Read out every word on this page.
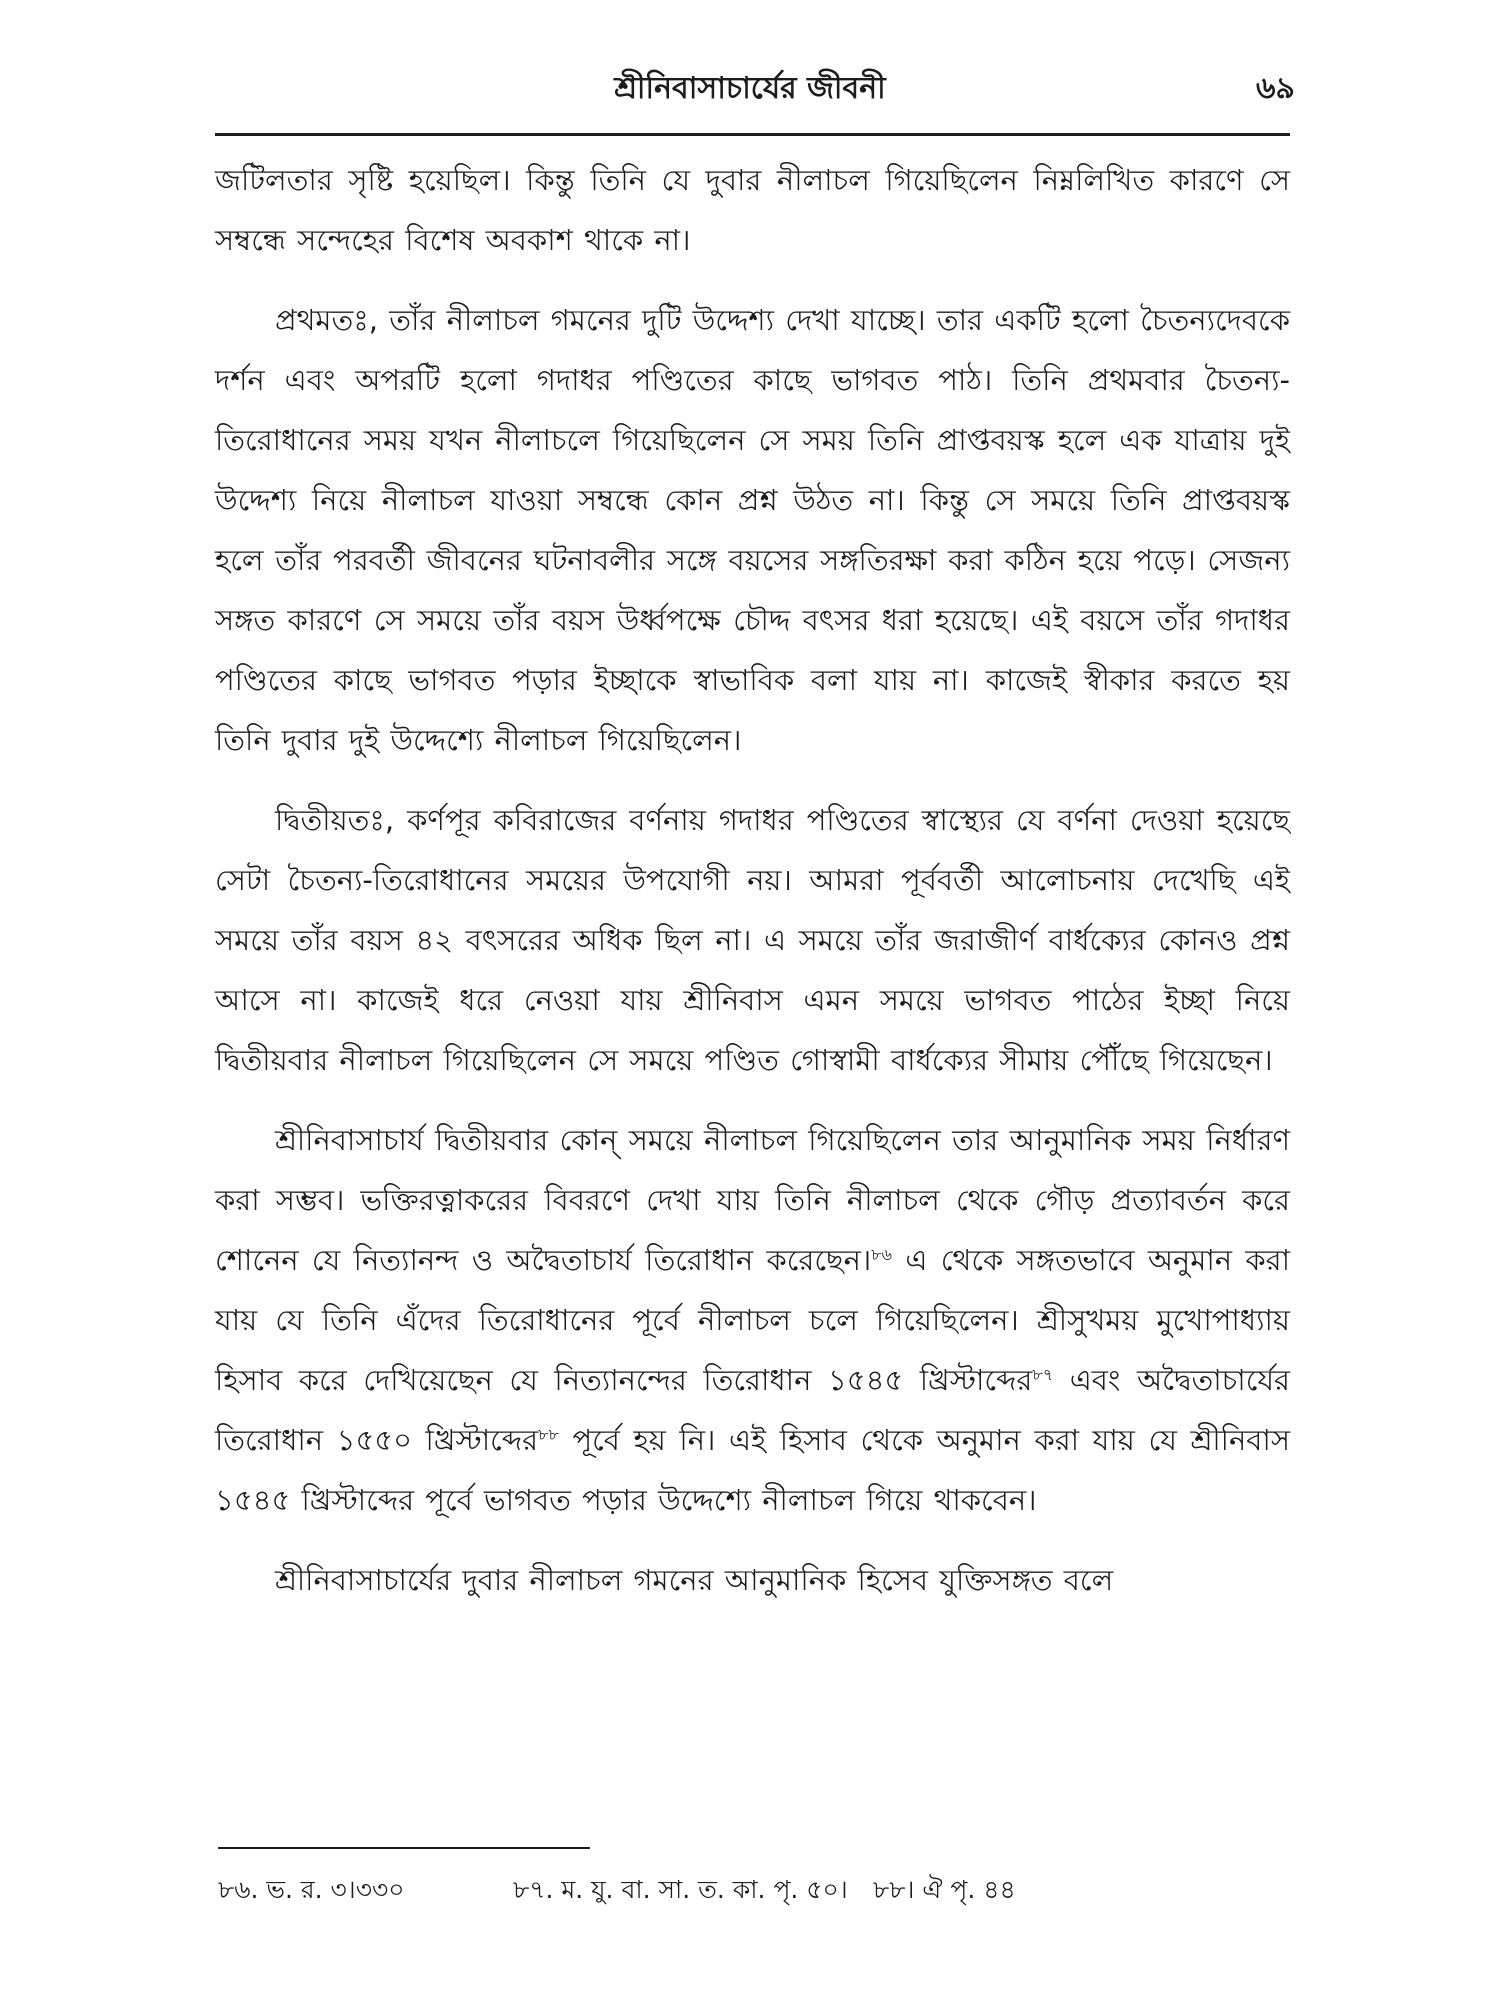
শ্রীনিবাসাচার্যের জীবনী	৬৯

জটিলতার সৃষ্টি হয়েছিল। কিন্তু তিনি যে দুবার নীলাচল গিয়েছিলেন নিম্নলিখিত কারণে সে সম্বন্ধে সন্দেহের বিশেষ অবকাশ থাকে না।

প্রথমতঃ, তাঁর নীলাচল গমনের দুটি উদ্দেশ্য দেখা যাচ্ছে। তার একটি হলো চৈতন্যদেবকে দর্শন এবং অপরটি হলো গদাধর পণ্ডিতের কাছে ভাগবত পাঠ। তিনি প্রথমবার চৈতন্য-তিরোধানের সময় যখন নীলাচলে গিয়েছিলেন সে সময় তিনি প্রাপ্তবয়স্ক হলে এক যাত্রায় দুই উদ্দেশ্য নিয়ে নীলাচল যাওয়া সম্বন্ধে কোন প্রশ্ন উঠত না। কিন্তু সে সময়ে তিনি প্রাপ্তবয়স্ক হলে তাঁর পরবর্তী জীবনের ঘটনাবলীর সঙ্গে বয়সের সঙ্গতিরক্ষা করা কঠিন হয়ে পড়ে। সেজন্য সঙ্গত কারণে সে সময়ে তাঁর বয়স উর্ধ্বপক্ষে চৌদ্দ বৎসর ধরা হয়েছে। এই বয়সে তাঁর গদাধর পণ্ডিতের কাছে ভাগবত পড়ার ইচ্ছাকে স্বাভাবিক বলা যায় না। কাজেই স্বীকার করতে হয় তিনি দুবার দুই উদ্দেশ্যে নীলাচল গিয়েছিলেন।

দ্বিতীয়তঃ, কর্ণপূর কবিরাজের বর্ণনায় গদাধর পণ্ডিতের স্বাস্থ্যের যে বর্ণনা দেওয়া হয়েছে সেটা চৈতন্য-তিরোধানের সময়ের উপযোগী নয়। আমরা পূর্ববর্তী আলোচনায় দেখেছি এই সময়ে তাঁর বয়স ৪২ বৎসরের অধিক ছিল না। এ সময়ে তাঁর জরাজীর্ণ বার্ধক্যের কোনও প্রশ্ন আসে না। কাজেই ধরে নেওয়া যায় শ্রীনিবাস এমন সময়ে ভাগবত পাঠের ইচ্ছা নিয়ে দ্বিতীয়বার নীলাচল গিয়েছিলেন সে সময়ে পণ্ডিত গোস্বামী বার্ধক্যের সীমায় পৌঁছে গিয়েছেন।

শ্রীনিবাসাচার্য দ্বিতীয়বার কোন্ সময়ে নীলাচল গিয়েছিলেন তার আনুমানিক সময় নির্ধারণ করা সম্ভব। ভক্তিরত্নাকরের বিবরণে দেখা যায় তিনি নীলাচল থেকে গৌড় প্রত্যাবর্তন করে শোনেন যে নিত্যানন্দ ও অদ্বৈতাচার্য তিরোধান করেছেন।$^{৮৬}$ এ থেকে সঙ্গতভাবে অনুমান করা যায় যে তিনি এঁদের তিরোধানের পূর্বে নীলাচল চলে গিয়েছিলেন। শ্রীসুখময় মুখোপাধ্যায় হিসাব করে দেখিয়েছেন যে নিত্যানন্দের তিরোধান ১৫৪৫ খ্রিস্টাব্দের$^{৮৭}$ এবং অদ্বৈতাচার্যের তিরোধান ১৫৫০ খ্রিস্টাব্দের$^{৮৮}$ পূর্বে হয় নি। এই হিসাব থেকে অনুমান করা যায় যে শ্রীনিবাস ১৫৪৫ খ্রিস্টাব্দের পূর্বে ভাগবত পড়ার উদ্দেশ্যে নীলাচল গিয়ে থাকবেন।

শ্রীনিবাসাচার্যের দুবার নীলাচল গমনের আনুমানিক হিসেব যুক্তিসঙ্গত বলে

৮৬. ভ. র. ৩।৩৩০	৮৭. ম. যু. বা. সা. ত. কা. পৃ. ৫০। ৮৮। ঐ পৃ. ৪৪
